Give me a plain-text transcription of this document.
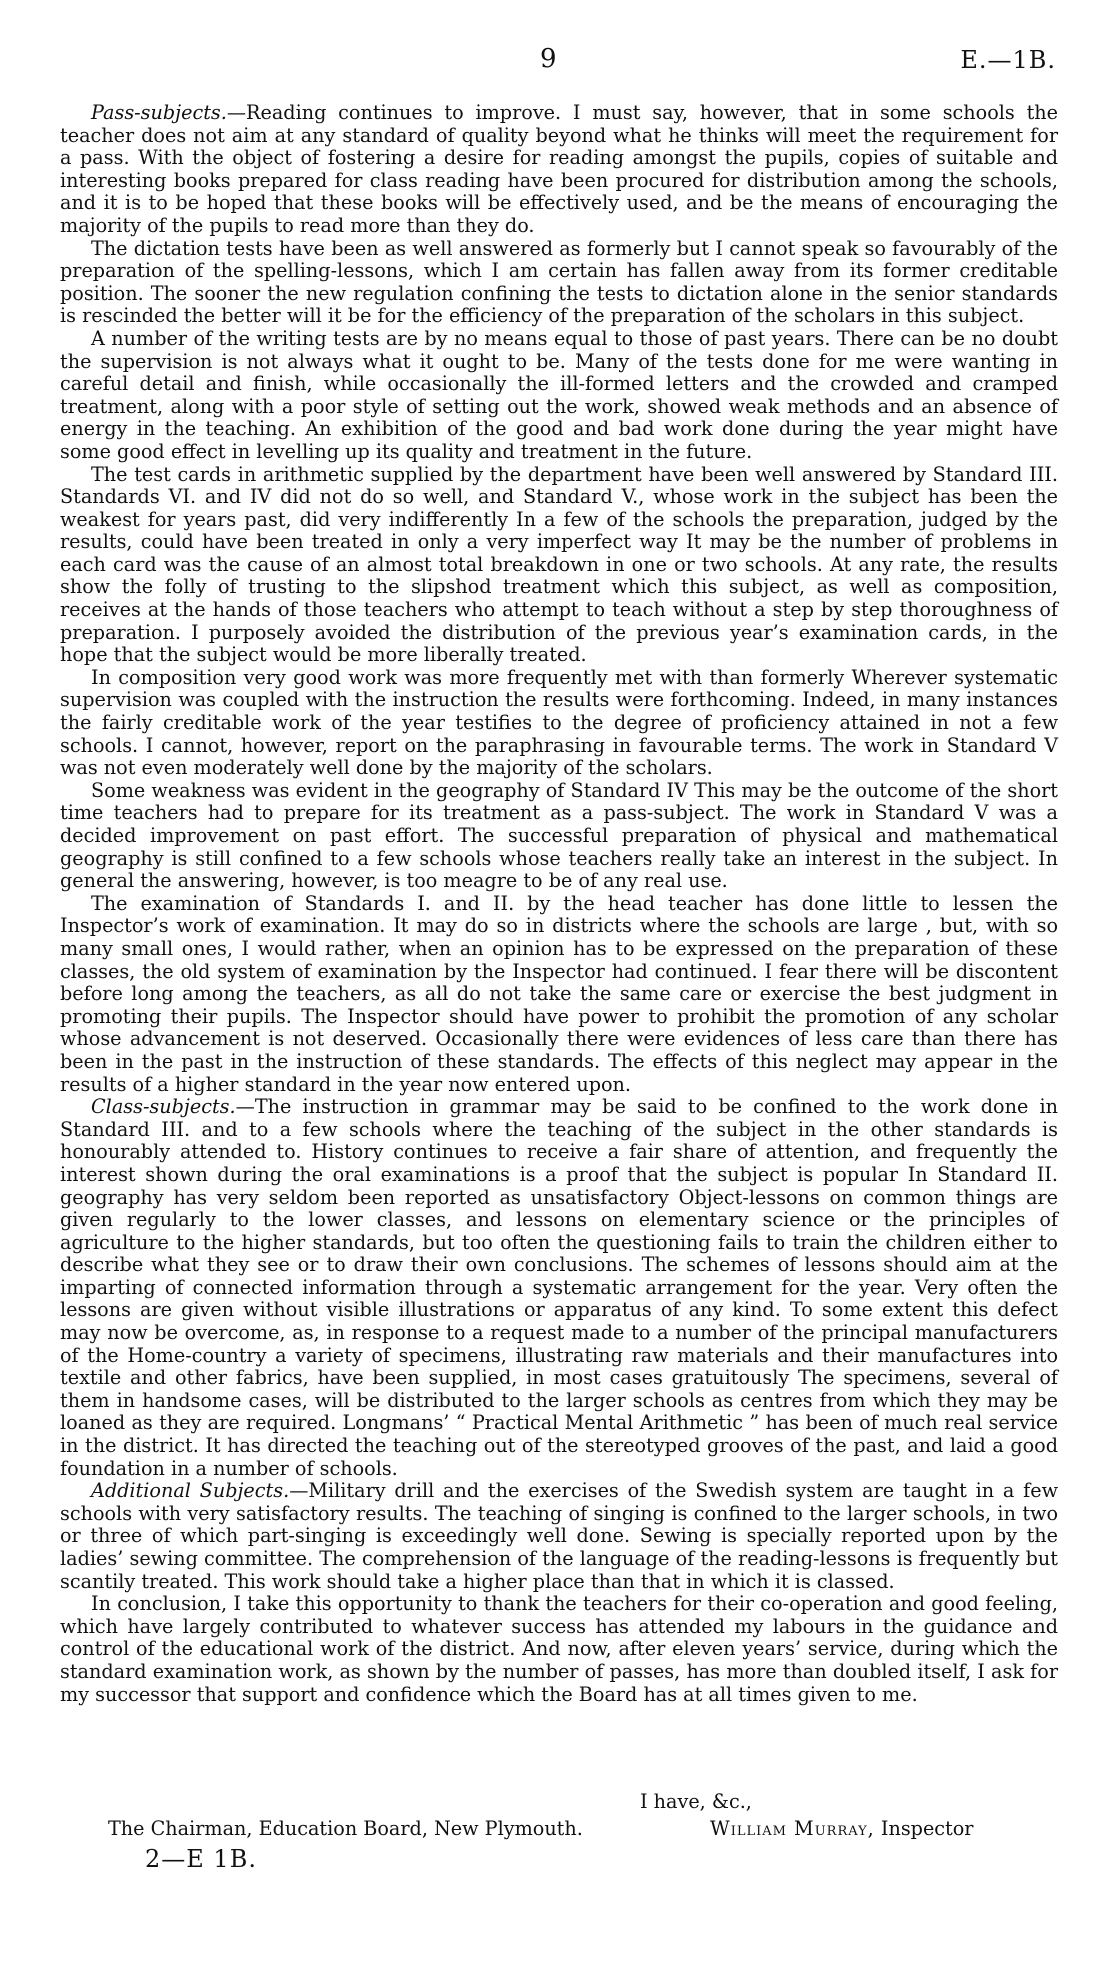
9	E.—1B.

Pass-subjects.—Reading continues to improve. I must say, however, that in some schools the teacher does not aim at any standard of quality beyond what he thinks will meet the requirement for a pass. With the object of fostering a desire for reading amongst the pupils, copies of suitable and interesting books prepared for class reading have been procured for distribution among the schools, and it is to be hoped that these books will be effectively used, and be the means of encouraging the majority of the pupils to read more than they do.

The dictation tests have been as well answered as formerly but I cannot speak so favourably of the preparation of the spelling-lessons, which I am certain has fallen away from its former creditable position. The sooner the new regulation confining the tests to dictation alone in the senior standards is rescinded the better will it be for the efficiency of the preparation of the scholars in this subject.

A number of the writing tests are by no means equal to those of past years. There can be no doubt the supervision is not always what it ought to be. Many of the tests done for me were wanting in careful detail and finish, while occasionally the ill-formed letters and the crowded and cramped treatment, along with a poor style of setting out the work, showed weak methods and an absence of energy in the teaching. An exhibition of the good and bad work done during the year might have some good effect in levelling up its quality and treatment in the future.

The test cards in arithmetic supplied by the department have been well answered by Standard III. Standards VI. and IV did not do so well, and Standard V., whose work in the subject has been the weakest for years past, did very indifferently In a few of the schools the preparation, judged by the results, could have been treated in only a very imperfect way It may be the number of problems in each card was the cause of an almost total breakdown in one or two schools. At any rate, the results show the folly of trusting to the slipshod treatment which this subject, as well as composition, receives at the hands of those teachers who attempt to teach without a step by step thoroughness of preparation. I purposely avoided the distribution of the previous year’s examination cards, in the hope that the subject would be more liberally treated.

In composition very good work was more frequently met with than formerly Wherever systematic supervision was coupled with the instruction the results were forthcoming. Indeed, in many instances the fairly creditable work of the year testifies to the degree of proficiency attained in not a few schools. I cannot, however, report on the paraphrasing in favourable terms. The work in Standard V was not even moderately well done by the majority of the scholars.

Some weakness was evident in the geography of Standard IV This may be the outcome of the short time teachers had to prepare for its treatment as a pass-subject. The work in Standard V was a decided improvement on past effort. The successful preparation of physical and mathematical geography is still confined to a few schools whose teachers really take an interest in the subject. In general the answering, however, is too meagre to be of any real use.

The examination of Standards I. and II. by the head teacher has done little to lessen the Inspector’s work of examination. It may do so in districts where the schools are large , but, with so many small ones, I would rather, when an opinion has to be expressed on the preparation of these classes, the old system of examination by the Inspector had continued. I fear there will be discontent before long among the teachers, as all do not take the same care or exercise the best judgment in promoting their pupils. The Inspector should have power to prohibit the promotion of any scholar whose advancement is not deserved. Occasionally there were evidences of less care than there has been in the past in the instruction of these standards. The effects of this neglect may appear in the results of a higher standard in the year now entered upon.

Class-subjects.—The instruction in grammar may be said to be confined to the work done in Standard III. and to a few schools where the teaching of the subject in the other standards is honourably attended to. History continues to receive a fair share of attention, and frequently the interest shown during the oral examinations is a proof that the subject is popular In Standard II. geography has very seldom been reported as unsatisfactory Object-lessons on common things are given regularly to the lower classes, and lessons on elementary science or the principles of agriculture to the higher standards, but too often the questioning fails to train the children either to describe what they see or to draw their own conclusions. The schemes of lessons should aim at the imparting of connected information through a systematic arrangement for the year. Very often the lessons are given without visible illustrations or apparatus of any kind. To some extent this defect may now be overcome, as, in response to a request made to a number of the principal manufacturers of the Home-country a variety of specimens, illustrating raw materials and their manufactures into textile and other fabrics, have been supplied, in most cases gratuitously The specimens, several of them in handsome cases, will be distributed to the larger schools as centres from which they may be loaned as they are required. Longmans’ “ Practical Mental Arithmetic ” has been of much real service in the district. It has directed the teaching out of the stereotyped grooves of the past, and laid a good foundation in a number of schools.

Additional Subjects.—Military drill and the exercises of the Swedish system are taught in a few schools with very satisfactory results. The teaching of singing is confined to the larger schools, in two or three of which part-singing is exceedingly well done. Sewing is specially reported upon by the ladies’ sewing committee. The comprehension of the language of the reading-lessons is frequently but scantily treated. This work should take a higher place than that in which it is classed.

In conclusion, I take this opportunity to thank the teachers for their co-operation and good feeling, which have largely contributed to whatever success has attended my labours in the guidance and control of the educational work of the district. And now, after eleven years’ service, during which the standard examination work, as shown by the number of passes, has more than doubled itself, I ask for my successor that support and confidence which the Board has at all times given to me.

I have, &c.,
The Chairman, Education Board, New Plymouth.	William Murray, Inspector
2—E 1B.
